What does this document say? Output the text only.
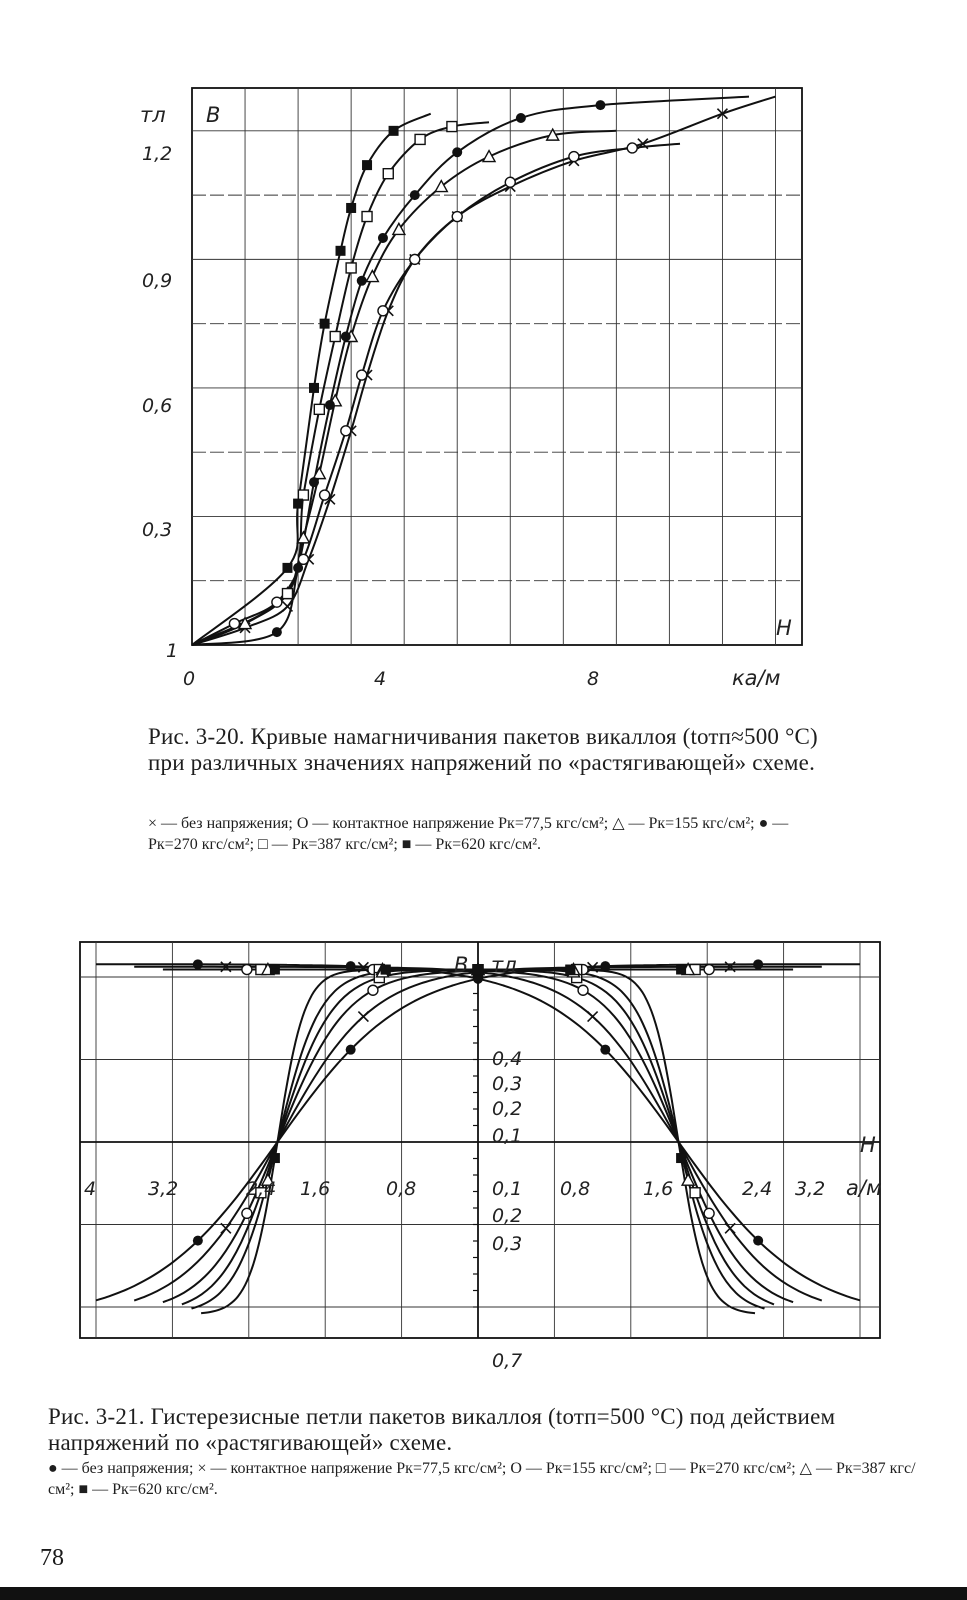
тл B
H
ка/м
1,2
0,9
0,6
0,3
1
0	4	8

Рис. 3-20. Кривые намагничивания пакетов викаллоя (tотп≈500 °C) при различных значениях напряжений по «растягивающей» схеме.

× — без напряжения; O — контактное напряжение Pк=77,5 кгс/см²; △ — Pк=155 кгс/см²; ● — Pк=270 кгс/см²; □ — Pк=387 кгс/см²; ■ — Pк=620 кгс/см².

B тл
H
а/м
4	3,2	2,4 1,6	0,8	0,8	1,6	2,4 3,2
0,4
0,3
0,2
0,1
0,1
0,2
0,3
0,7

Рис. 3-21. Гистерезисные петли пакетов викаллоя (tотп=500 °C) под действием напряжений по «растягивающей» схеме.

● — без напряжения; × — контактное напряжение Pк=77,5 кгс/см²; O — Pк=155 кгс/см²; □ — Pк=270 кгс/см²; △ — Pк=387 кгс/см²; ■ — Pк=620 кгс/см².

78
